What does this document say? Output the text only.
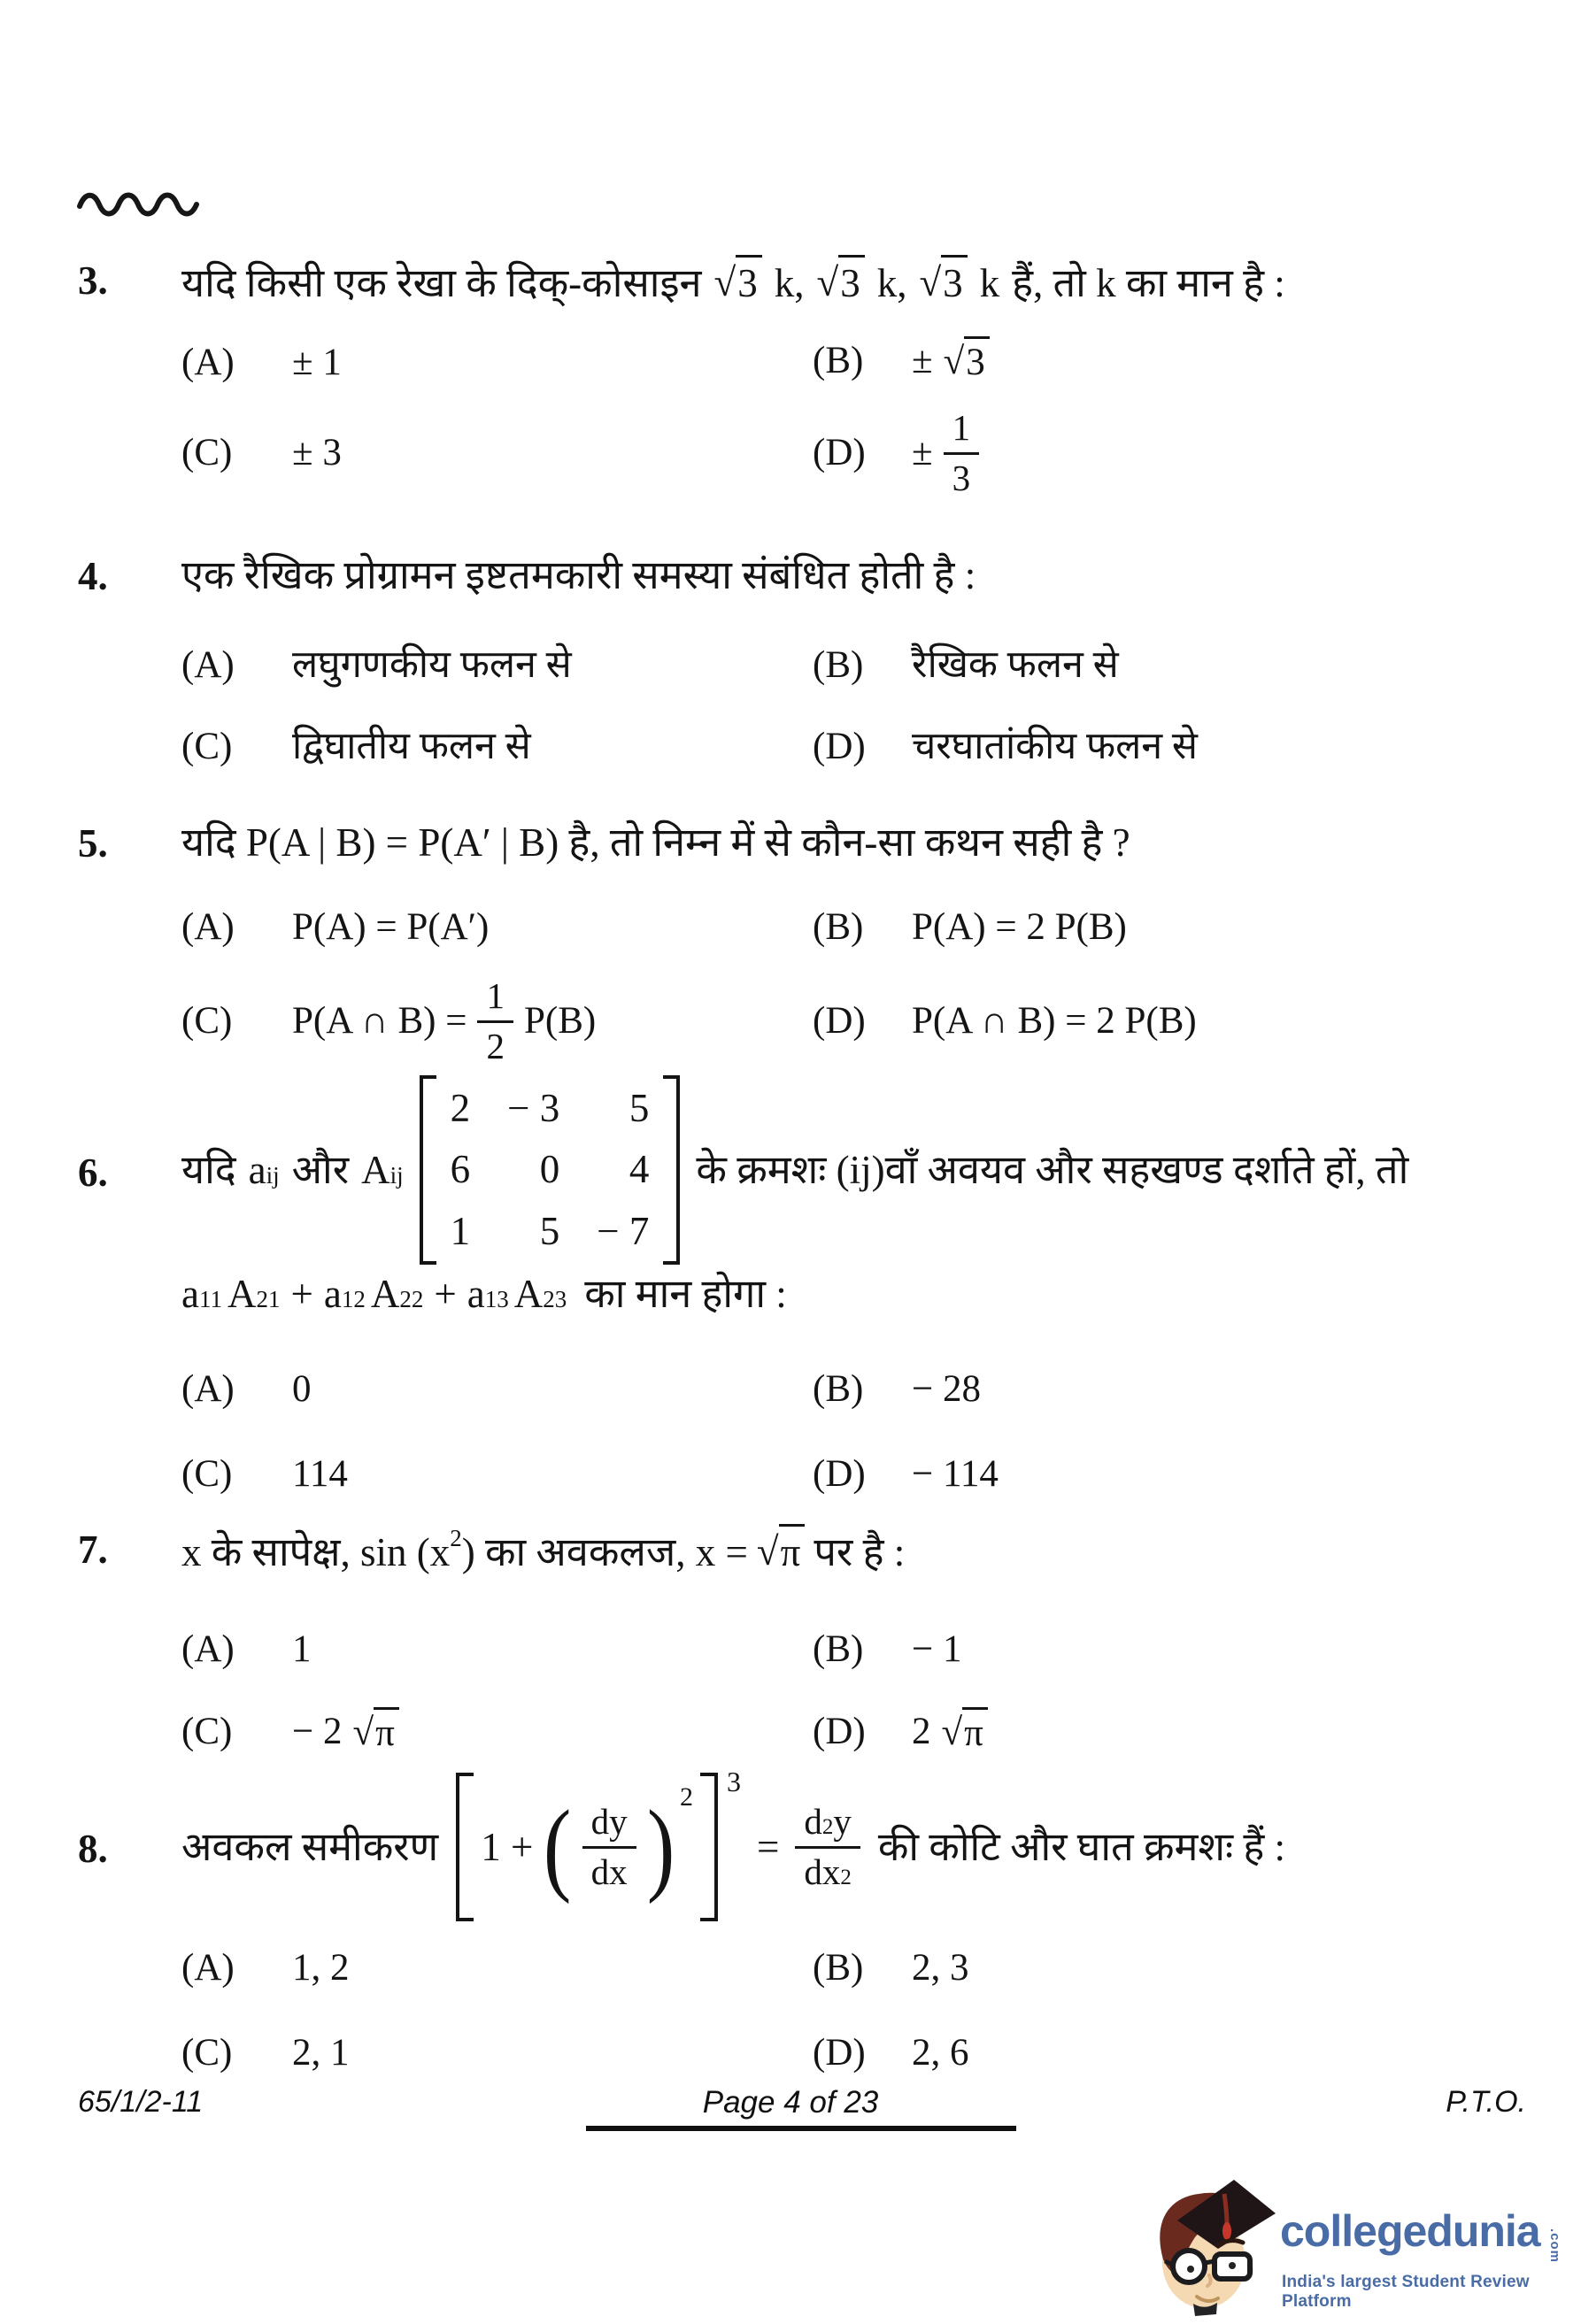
3. यदि किसी एक रेखा के दिक्-कोसाइन √ 3 k, √ 3 k, √ 3 k हैं, तो k का मान है :
(A)	± 1	(B)	± √ 3
(C)	± 3	(D)	± $\frac{1}{3}$
4. एक रैखिक प्रोग्रामन इष्टतमकारी समस्या संबंधित होती है :
(A)	लघुगणकीय फलन से	(B)	रैखिक फलन से
(C)	द्विघातीय फलन से	(D)	चरघातांकीय फलन से
5. यदि P(A | B) = P(A′ | B) है, तो निम्न में से कौन-सा कथन सही है ?
(A)	P(A) = P(A′)	(B)	P(A) = 2 P(B)
(C)	P(A ∩ $B) = \frac{1}{2} P(B)$	(D)	P(A ∩ B) = 2 P(B)
6. यदि a ij और A ij
2 − 3 5
6 0 4
1 5 − 7
के क्रमशः (ij)वाँ अवयव और सहखण्ड दर्शाते हों, तो
a 11 A 21 + a 12 A 22 + a 13 A 23 का मान होगा :
(A)	0	(B)	− 28
(C)	114	(D)	− 114
7. x के सापेक्ष, $\sin (x^2)$ का अवकलज, x = √ π पर है :
(A)	1	(B)	− 1
(C)	− 2 √ π	(D)	2 √ π
8. अवकल समीकरण 1 + ( $\frac{dy}{dx}$ ) 2 3
= $\frac{d 2 y}{dx 2}$ की कोटि और घात क्रमशः हैं :
(A)	1, 2	(B)	2, 3
(C)	2, 1	(D)	2, 6
65/1/2-11	Page 4 of 23	P.T.O.
collegedunia .com
India's largest Student Review Platform
